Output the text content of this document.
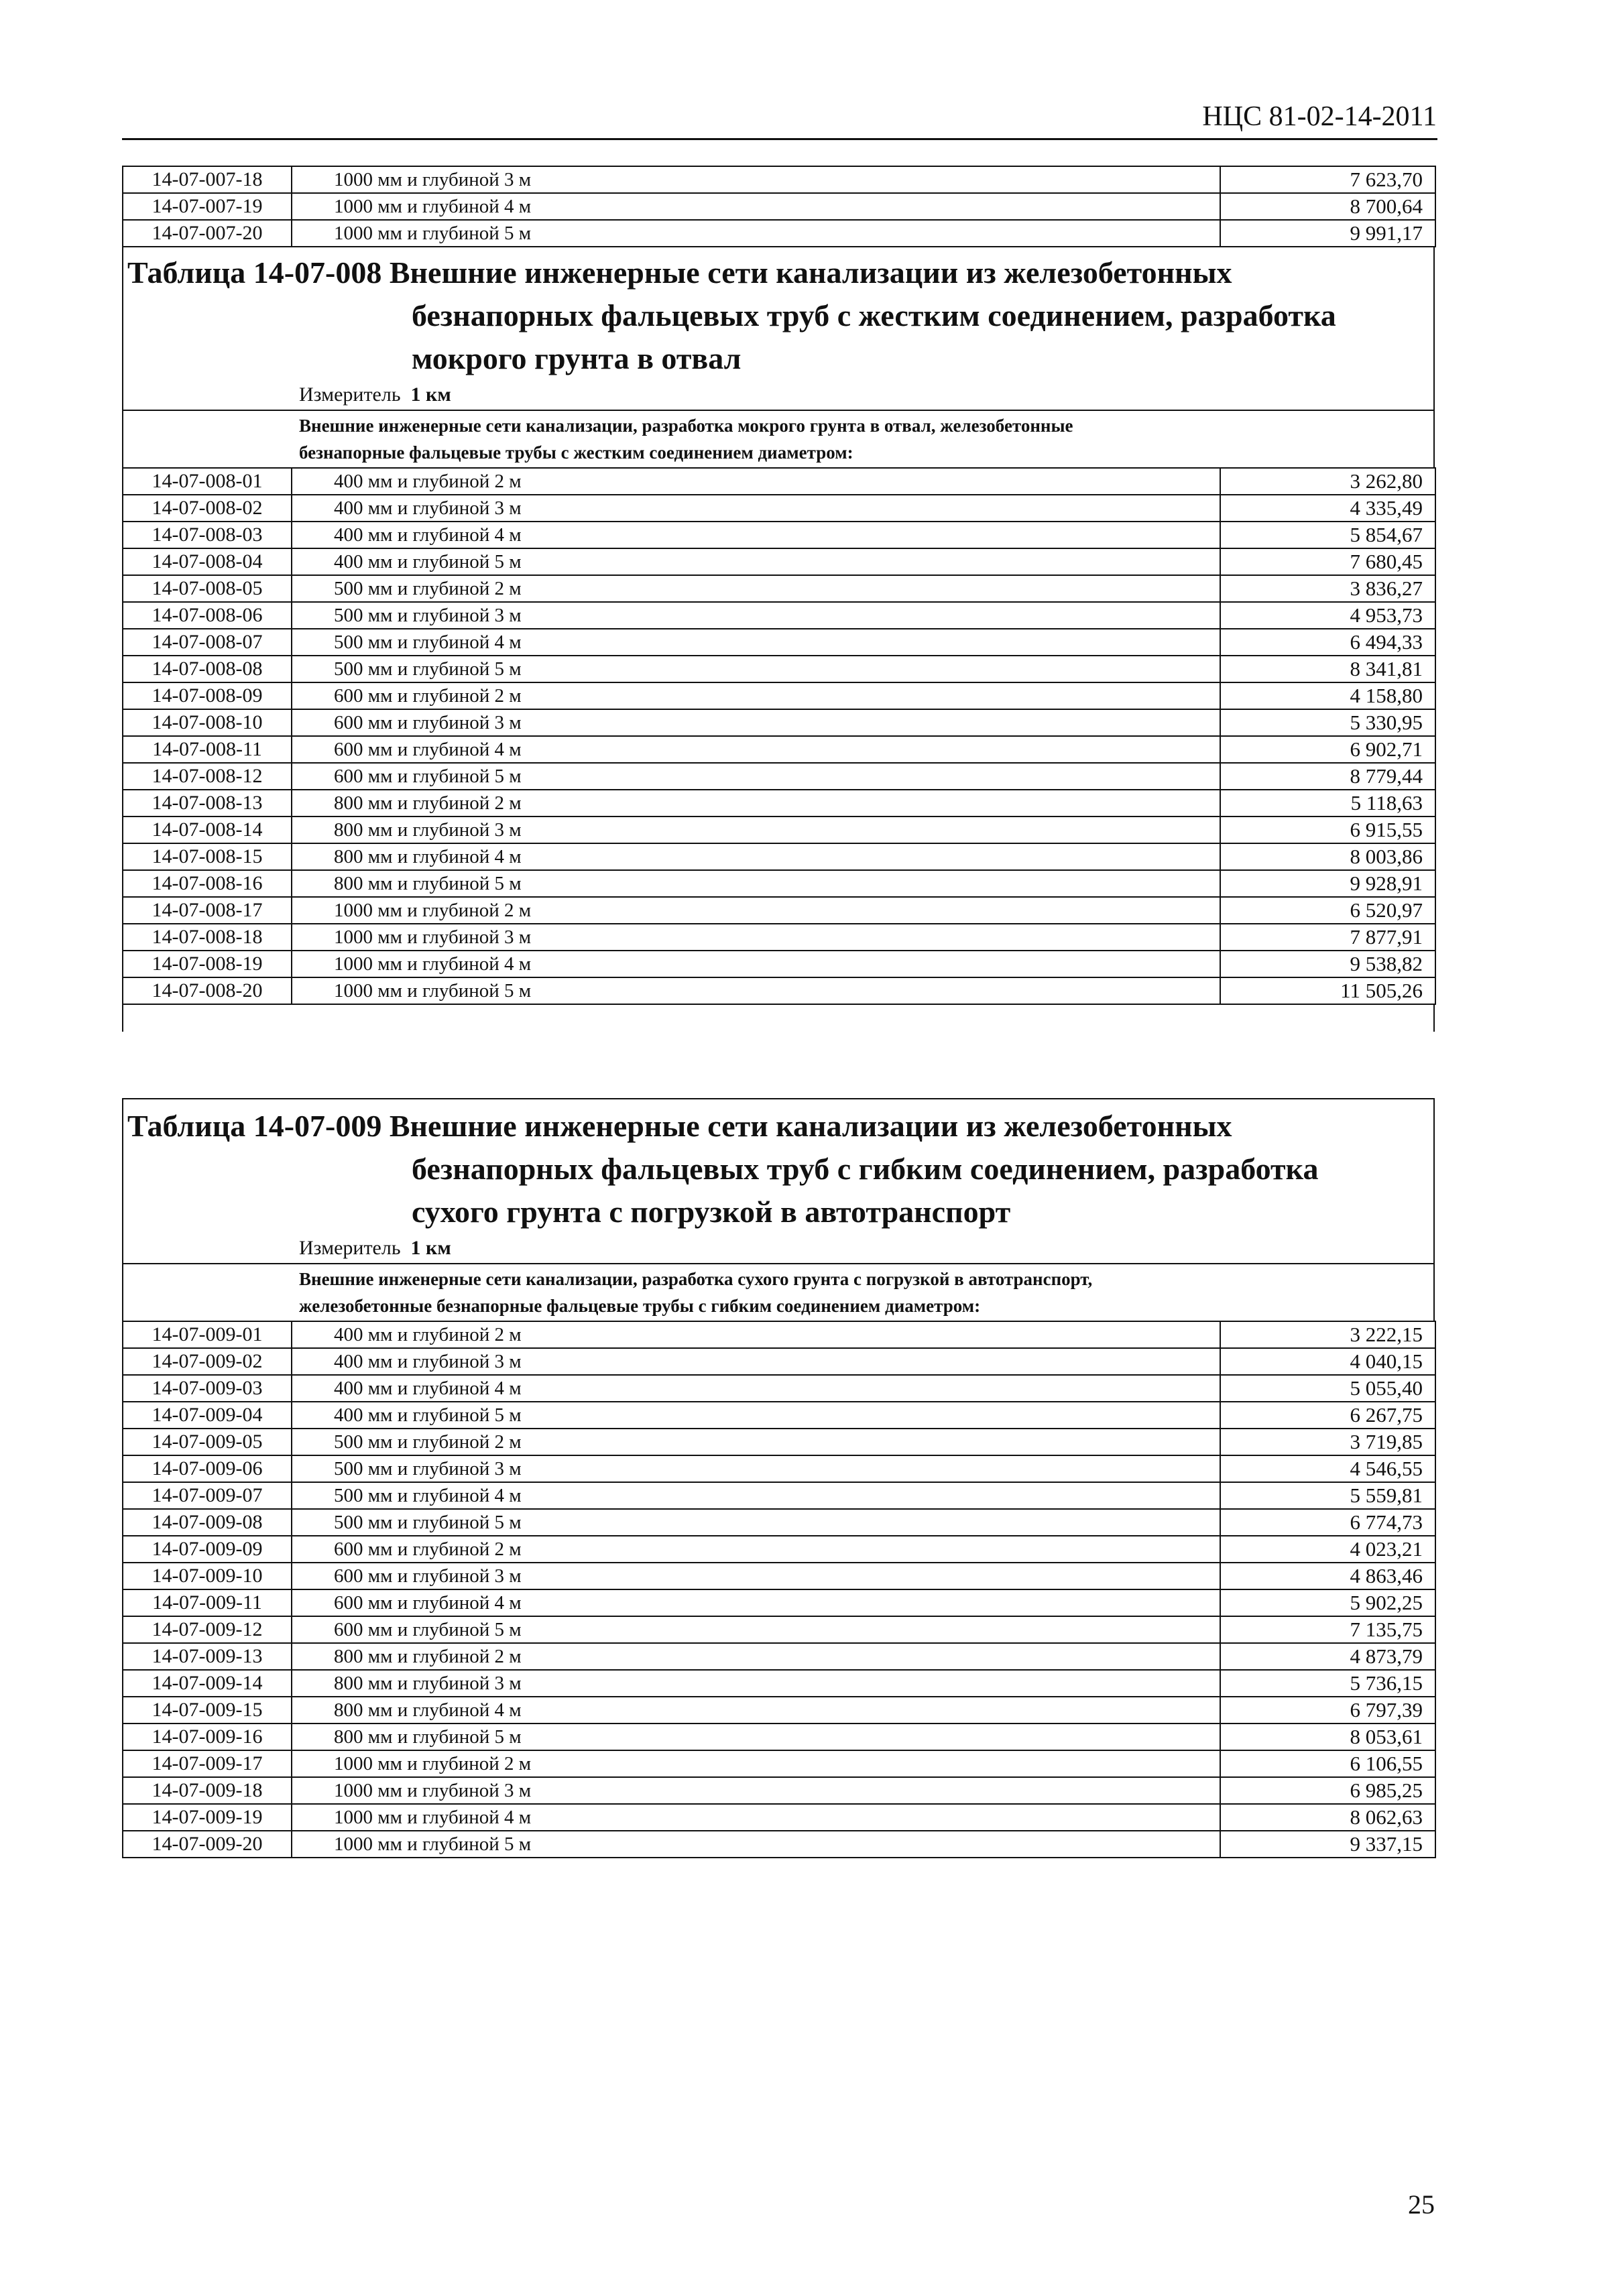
НЦС 81-02-14-2011
14-07-007-18	1000 мм и глубиной 3 м	7 623,70
14-07-007-19	1000 мм и глубиной 4 м	8 700,64
14-07-007-20	1000 мм и глубиной 5 м	9 991,17
Таблица 14-07-008 Внешние инженерные сети канализации из железобетонных
безнапорных фальцевых труб с жестким соединением, разработка
мокрого грунта в отвал
Измеритель 1 км
Внешние инженерные сети канализации, разработка мокрого грунта в отвал, железобетонные
безнапорные фальцевые трубы с жестким соединением диаметром:
14-07-008-01	400 мм и глубиной 2 м	3 262,80
14-07-008-02	400 мм и глубиной 3 м	4 335,49
14-07-008-03	400 мм и глубиной 4 м	5 854,67
14-07-008-04	400 мм и глубиной 5 м	7 680,45
14-07-008-05	500 мм и глубиной 2 м	3 836,27
14-07-008-06	500 мм и глубиной 3 м	4 953,73
14-07-008-07	500 мм и глубиной 4 м	6 494,33
14-07-008-08	500 мм и глубиной 5 м	8 341,81
14-07-008-09	600 мм и глубиной 2 м	4 158,80
14-07-008-10	600 мм и глубиной 3 м	5 330,95
14-07-008-11	600 мм и глубиной 4 м	6 902,71
14-07-008-12	600 мм и глубиной 5 м	8 779,44
14-07-008-13	800 мм и глубиной 2 м	5 118,63
14-07-008-14	800 мм и глубиной 3 м	6 915,55
14-07-008-15	800 мм и глубиной 4 м	8 003,86
14-07-008-16	800 мм и глубиной 5 м	9 928,91
14-07-008-17	1000 мм и глубиной 2 м	6 520,97
14-07-008-18	1000 мм и глубиной 3 м	7 877,91
14-07-008-19	1000 мм и глубиной 4 м	9 538,82
14-07-008-20	1000 мм и глубиной 5 м	11 505,26
Таблица 14-07-009 Внешние инженерные сети канализации из железобетонных
безнапорных фальцевых труб с гибким соединением, разработка
сухого грунта с погрузкой в автотранспорт
Измеритель 1 км
Внешние инженерные сети канализации, разработка сухого грунта с погрузкой в автотранспорт,
железобетонные безнапорные фальцевые трубы с гибким соединением диаметром:
14-07-009-01	400 мм и глубиной 2 м	3 222,15
14-07-009-02	400 мм и глубиной 3 м	4 040,15
14-07-009-03	400 мм и глубиной 4 м	5 055,40
14-07-009-04	400 мм и глубиной 5 м	6 267,75
14-07-009-05	500 мм и глубиной 2 м	3 719,85
14-07-009-06	500 мм и глубиной 3 м	4 546,55
14-07-009-07	500 мм и глубиной 4 м	5 559,81
14-07-009-08	500 мм и глубиной 5 м	6 774,73
14-07-009-09	600 мм и глубиной 2 м	4 023,21
14-07-009-10	600 мм и глубиной 3 м	4 863,46
14-07-009-11	600 мм и глубиной 4 м	5 902,25
14-07-009-12	600 мм и глубиной 5 м	7 135,75
14-07-009-13	800 мм и глубиной 2 м	4 873,79
14-07-009-14	800 мм и глубиной 3 м	5 736,15
14-07-009-15	800 мм и глубиной 4 м	6 797,39
14-07-009-16	800 мм и глубиной 5 м	8 053,61
14-07-009-17	1000 мм и глубиной 2 м	6 106,55
14-07-009-18	1000 мм и глубиной 3 м	6 985,25
14-07-009-19	1000 мм и глубиной 4 м	8 062,63
14-07-009-20	1000 мм и глубиной 5 м	9 337,15
25
